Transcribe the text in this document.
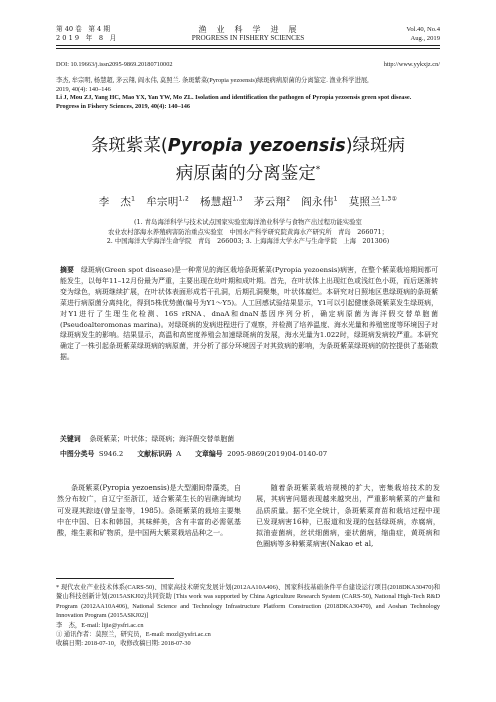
第 40 卷　第 4 期
2 0 1 9　年　8　月
渔　业　科　学　进　展
PROGRESS IN FISHERY SCIENCES
Vol.40, No.4
Aug., 2019
DOI: 10.19663/j.issn2095-9869.20180710002	http://www.yykxjz.cn/
李杰, 牟宗明, 杨慧超, 茅云翔, 阎永伟, 莫照兰. 条斑紫菜(Pyropia yezoensis)绿斑病病原菌的分离鉴定. 渔业科学进展,
2019, 40(4): 140–146
Li J, Mou ZJ, Yang HC, Mao YX, Yan YW, Mo ZL. Isolation and identification the pathogen of Pyropia yezoensis green spot disease.
Progress in Fishery Sciences, 2019, 40(4): 140–146
条斑紫菜(Pyropia yezoensis)绿斑病
病原菌的分离鉴定*
李　杰$^1$ 牟宗明$^{1,2}$ 杨慧超$^{1,3}$ 茅云翔$^2$ 阎永伟$^1$ 莫照兰$^{1,3①}$
(1. 青岛海洋科学与技术试点国家实验室海洋渔业科学与食物产出过程功能实验室
农业农村部海水养殖病害防治重点实验室　中国水产科学研究院黄海水产研究所　青岛　266071；
2. 中国海洋大学海洋生命学院　青岛　266003; 3. 上海海洋大学水产与生命学院　上海　201306)
摘要 绿斑病(Green spot disease)是一种常见的海区栽培条斑紫菜(Pyropia yezoensis)病害，在整个紫菜栽培期间都可能发生，以每年11–12月份最为严重，主要出现在幼叶期和成叶期。首先，在叶状体上出现红色或浅红色小斑，而后逐渐转变为绿色，病斑继续扩展，在叶状体表面形成若干孔洞，后期孔洞聚集，叶状体腐烂。本研究对日照地区患绿斑病的条斑紫菜进行病原菌分离纯化，得到5株优势菌(编号为Y1～Y5)。人工回感试验结果显示，Y1可以引起健康条斑紫菜发生绿斑病，对Y1进行了生理生化检测、16S rRNA、dnaA和dnaN基因序列分析，确定病原菌为海洋假交替单胞菌(Pseudoalteromonas marina)。对绿斑病的发病进程进行了观察，并检测了培养温度、海水光量和养殖密度等环境因子对绿斑病发生的影响。结果显示，高温和高密度养殖会加速绿斑病的发展，海水光量为1.022时，绿斑病发病较严重。本研究确定了一株引起条斑紫菜绿斑病的病原菌，并分析了部分环境因子对其致病的影响，为条斑紫菜绿斑病的防控提供了基础数据。
关键词 条斑紫菜；叶状体；绿斑病；海洋假交替单胞菌
中图分类号 S946.2 文献标识码 A 文章编号 2095-9869(2019)04-0140-07
条斑紫菜(Pyropia yezoensis)是大型潮间带藻类，自然分布较广，自辽宁至浙江，适合紫菜生长的岩礁海域均可发现其踪迹(曾呈奎等，1985)。条斑紫菜的栽培主要集中在中国、日本和韩国，其味鲜美，含有丰富的必需氨基酸，维生素和矿物质，是中国两大紫菜栽培品种之一。
随着条斑紫菜栽培规模的扩大，密集栽培技术的发展，其病害问题表现越来越突出，严重影响紫菜的产量和品质质量。据不完全统计，条斑紫菜育苗和栽培过程中现已发现病害16种，已报道和发现的包括绿斑病，赤腐病，拟油壶菌病，丝状细菌病，壶状菌病，缩曲症，黄斑病和色圈病等多种紫菜病害(Nakao et al,

* 现代农业产业技术体系(CARS-50)、国家高技术研究发展计划(2012AA10A406)、国家科技基础条件平台建设运行项目(2018DKA30470)和鳌山科技创新计划(2015ASKJ02)共同资助 [This work was supported by China Agriculture Research System (CARS-50), National High-Tech R&D Program (2012AA10A406), National Science and Technology Infrastructure Platform Construction (2018DKA30470), and Aoshan Technology Innovation Program (2015ASKJ02)]

李　杰，E-mail: lijie@ysfri.ac.cn

① 通讯作者：莫照兰，研究员，E-mail: mozl@ysfri.ac.cn

收稿日期: 2018-07-10，收修改稿日期: 2018-07-30
